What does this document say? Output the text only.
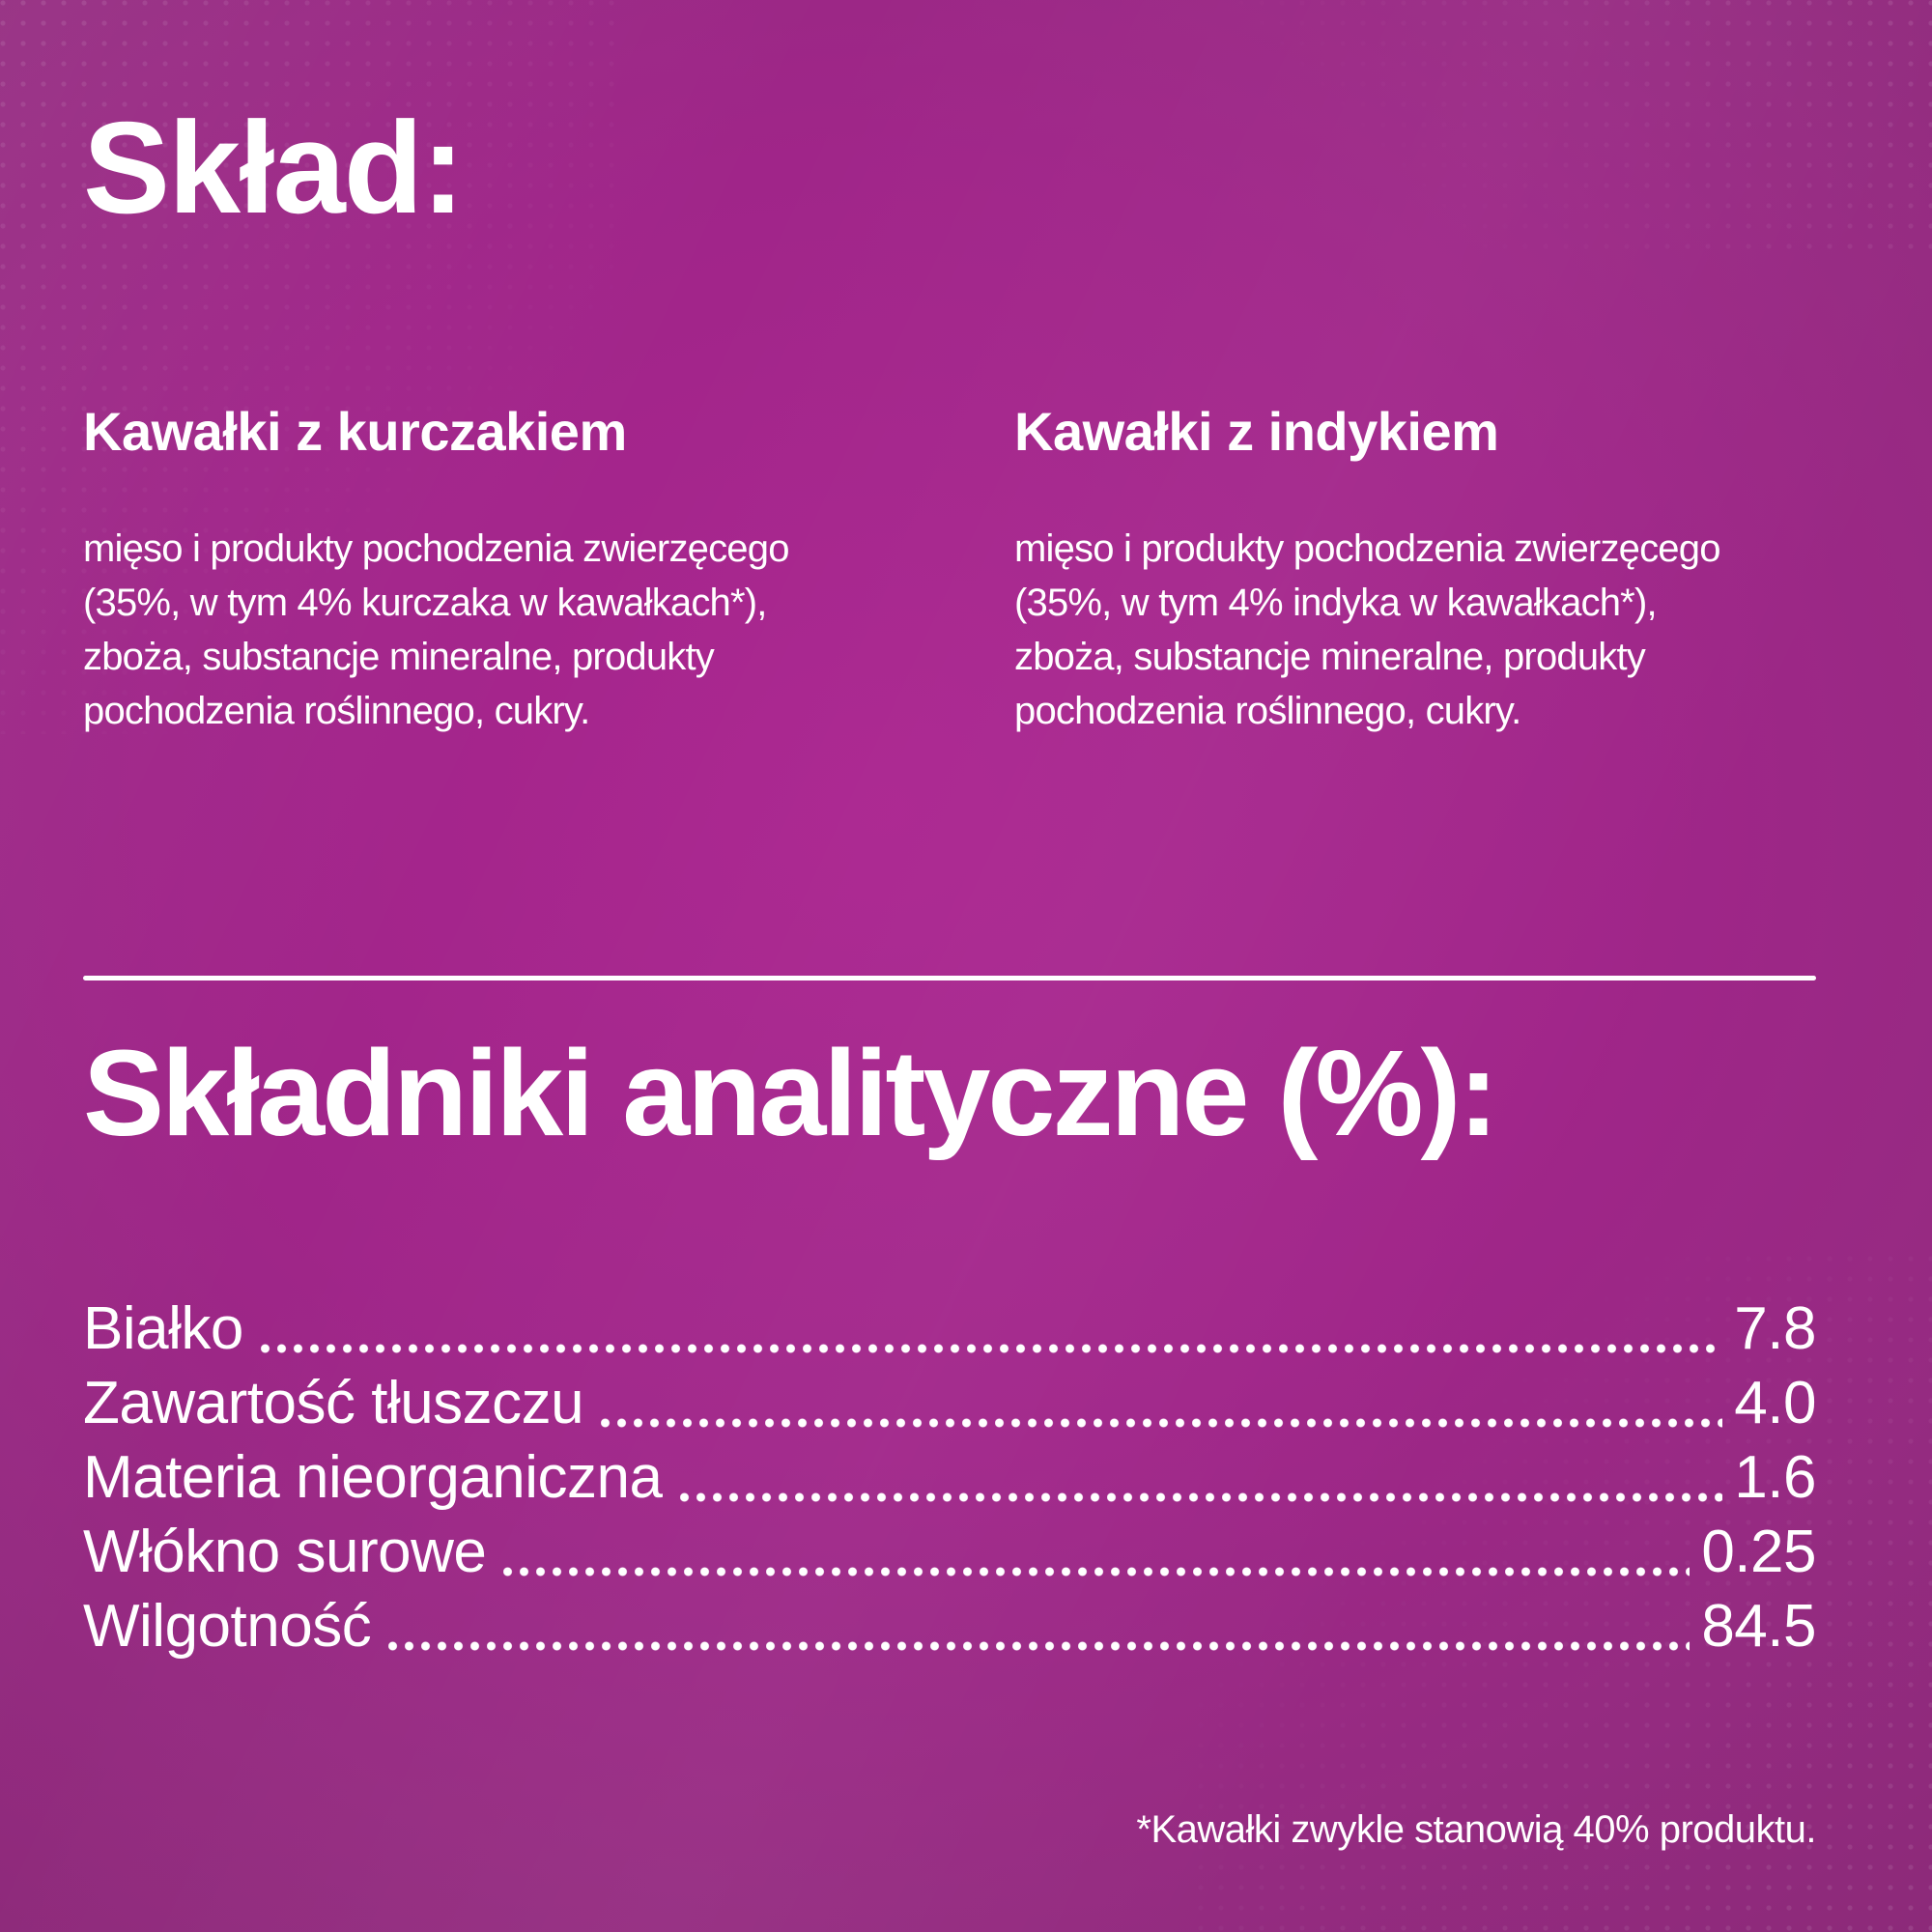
Skład:
Kawałki z kurczakiem
mięso i produkty pochodzenia zwierzęcego
(35%, w tym 4% kurczaka w kawałkach*),
zboża, substancje mineralne, produkty
pochodzenia roślinnego, cukry.
Kawałki z indykiem
mięso i produkty pochodzenia zwierzęcego
(35%, w tym 4% indyka w kawałkach*),
zboża, substancje mineralne, produkty
pochodzenia roślinnego, cukry.
Składniki analityczne (%):
Białko	7.8
Zawartość tłuszczu	4.0
Materia nieorganiczna	1.6
Włókno surowe	0.25
Wilgotność	84.5
*Kawałki zwykle stanowią 40% produktu.
